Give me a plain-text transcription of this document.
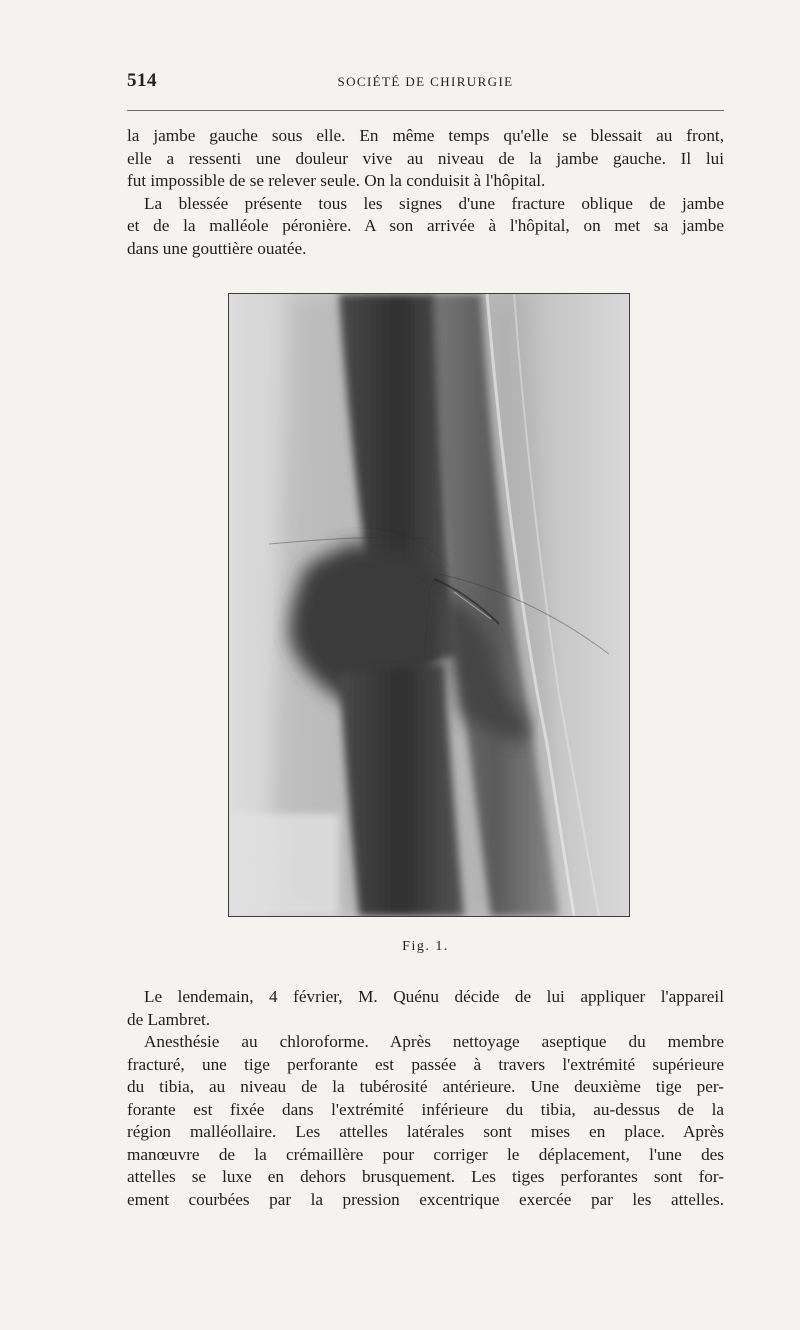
514	SOCIÉTÉ DE CHIRURGIE
la jambe gauche sous elle. En même temps qu'elle se blessait au front,
elle a ressenti une douleur vive au niveau de la jambe gauche. Il lui
fut impossible de se relever seule. On la conduisit à l'hôpital.
La blessée présente tous les signes d'une fracture oblique de jambe
et de la malléole péronière. A son arrivée à l'hôpital, on met sa jambe
dans une gouttière ouatée.
Fig. 1.
Le lendemain, 4 février, M. Quénu décide de lui appliquer l'appareil
de Lambret.
Anesthésie au chloroforme. Après nettoyage aseptique du membre
fracturé, une tige perforante est passée à travers l'extrémité supérieure
du tibia, au niveau de la tubérosité antérieure. Une deuxième tige per-
forante est fixée dans l'extrémité inférieure du tibia, au-dessus de la
région malléollaire. Les attelles latérales sont mises en place. Après
manœuvre de la crémaillère pour corriger le déplacement, l'une des
attelles se luxe en dehors brusquement. Les tiges perforantes sont for-
ement courbées par la pression excentrique exercée par les attelles.
